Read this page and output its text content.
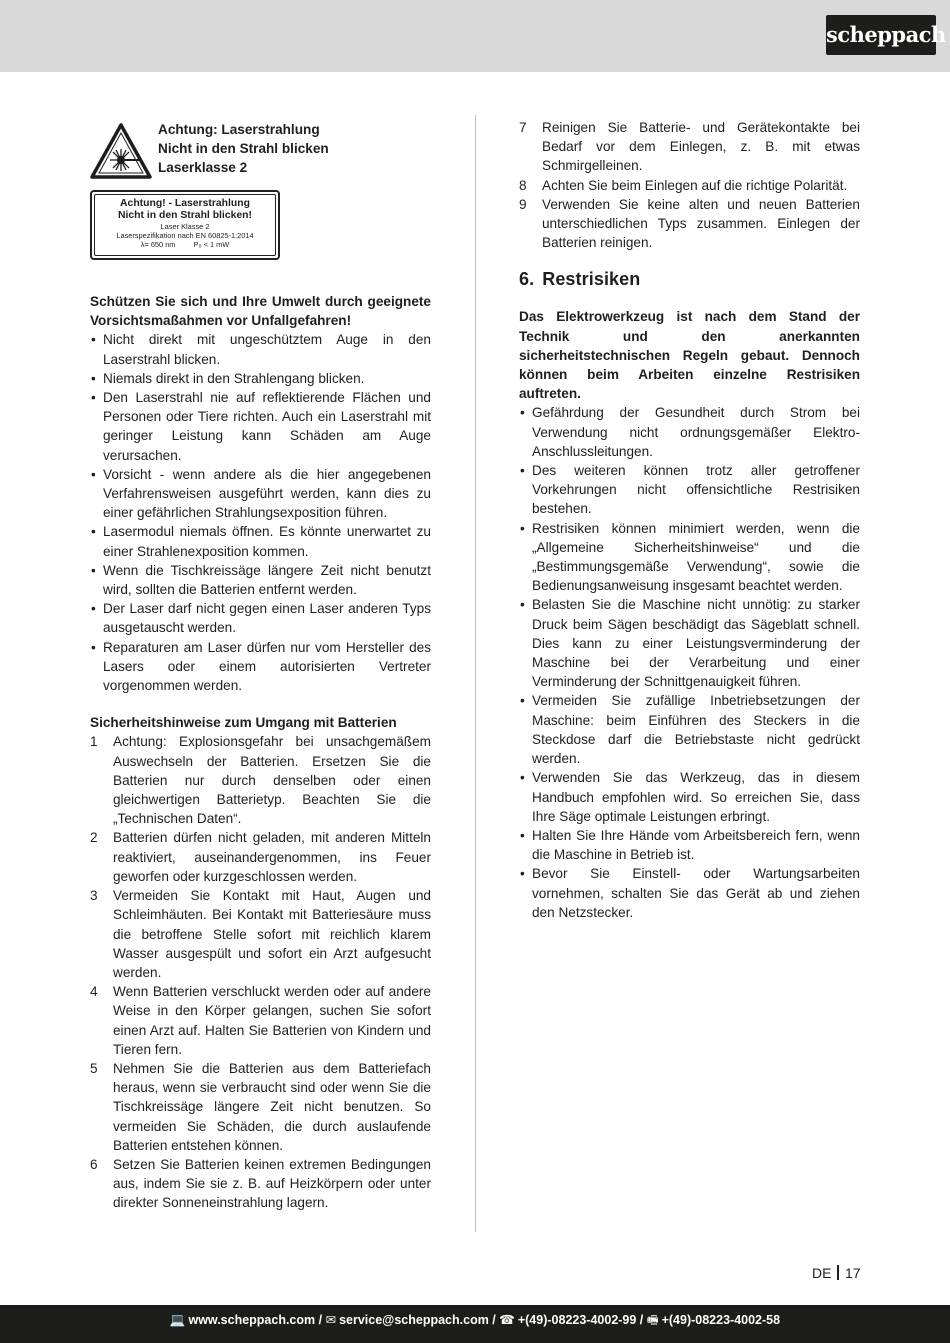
scheppach
Achtung: Laserstrahlung
Nicht in den Strahl blicken
Laserklasse 2
Achtung! - Laserstrahlung
Nicht in den Strahl blicken!
Laser Klasse 2
Laserspezifikation nach EN 60825-1:2014
λ= 650 nm P₀ < 1 mW

Schützen Sie sich und Ihre Umwelt durch geeignete Vorsichtsmaßahmen vor Unfallgefahren!

• Nicht direkt mit ungeschütztem Auge in den Laserstrahl blicken.
• Niemals direkt in den Strahlengang blicken.
• Den Laserstrahl nie auf reflektierende Flächen und Personen oder Tiere richten. Auch ein Laserstrahl mit geringer Leistung kann Schäden am Auge verursachen.
• Vorsicht - wenn andere als die hier angegebenen Verfahrensweisen ausgeführt werden, kann dies zu einer gefährlichen Strahlungsexposition führen.
• Lasermodul niemals öffnen. Es könnte unerwartet zu einer Strahlenexposition kommen.
• Wenn die Tischkreissäge längere Zeit nicht benutzt wird, sollten die Batterien entfernt werden.
• Der Laser darf nicht gegen einen Laser anderen Typs ausgetauscht werden.
• Reparaturen am Laser dürfen nur vom Hersteller des Lasers oder einem autorisierten Vertreter vorgenommen werden.

Sicherheitshinweise zum Umgang mit Batterien

1 Achtung: Explosionsgefahr bei unsachgemäßem Auswechseln der Batterien. Ersetzen Sie die Batterien nur durch denselben oder einen gleichwertigen Batterietyp. Beachten Sie die „Technischen Daten“.
2 Batterien dürfen nicht geladen, mit anderen Mitteln reaktiviert, auseinandergenommen, ins Feuer geworfen oder kurzgeschlossen werden.
3 Vermeiden Sie Kontakt mit Haut, Augen und Schleimhäuten. Bei Kontakt mit Batteriesäure muss die betroffene Stelle sofort mit reichlich klarem Wasser ausgespült und sofort ein Arzt aufgesucht werden.
4 Wenn Batterien verschluckt werden oder auf andere Weise in den Körper gelangen, suchen Sie sofort einen Arzt auf. Halten Sie Batterien von Kindern und Tieren fern.
5 Nehmen Sie die Batterien aus dem Batteriefach heraus, wenn sie verbraucht sind oder wenn Sie die Tischkreissäge längere Zeit nicht benutzen. So vermeiden Sie Schäden, die durch auslaufende Batterien entstehen können.
6 Setzen Sie Batterien keinen extremen Bedingungen aus, indem Sie sie z. B. auf Heizkörpern oder unter direkter Sonneneinstrahlung lagern.
7 Reinigen Sie Batterie- und Gerätekontakte bei Bedarf vor dem Einlegen, z. B. mit etwas Schmirgelleinen.
8 Achten Sie beim Einlegen auf die richtige Polarität.
9 Verwenden Sie keine alten und neuen Batterien unterschiedlichen Typs zusammen. Einlegen der Batterien reinigen.
6. Restrisiken

Das Elektrowerkzeug ist nach dem Stand der Technik und den anerkannten sicherheitstechnischen Regeln gebaut. Dennoch können beim Arbeiten einzelne Restrisiken auftreten.

• Gefährdung der Gesundheit durch Strom bei Verwendung nicht ordnungsgemäßer Elektro-Anschlussleitungen.
• Des weiteren können trotz aller getroffener Vorkehrungen nicht offensichtliche Restrisiken bestehen.
• Restrisiken können minimiert werden, wenn die „Allgemeine Sicherheitshinweise“ und die „Bestimmungsgemäße Verwendung“, sowie die Bedienungsanweisung insgesamt beachtet werden.
• Belasten Sie die Maschine nicht unnötig: zu starker Druck beim Sägen beschädigt das Sägeblatt schnell. Dies kann zu einer Leistungsverminderung der Maschine bei der Verarbeitung und einer Verminderung der Schnittgenauigkeit führen.
• Vermeiden Sie zufällige Inbetriebsetzungen der Maschine: beim Einführen des Steckers in die Steckdose darf die Betriebstaste nicht gedrückt werden.
• Verwenden Sie das Werkzeug, das in diesem Handbuch empfohlen wird. So erreichen Sie, dass Ihre Säge optimale Leistungen erbringt.
• Halten Sie Ihre Hände vom Arbeitsbereich fern, wenn die Maschine in Betrieb ist.
• Bevor Sie Einstell- oder Wartungsarbeiten vornehmen, schalten Sie das Gerät ab und ziehen den Netzstecker.
DE 17
💻 www.scheppach.com / ✉ service@scheppach.com / ☎ +(49)-08223-4002-99 / 🖷 +(49)-08223-4002-58
